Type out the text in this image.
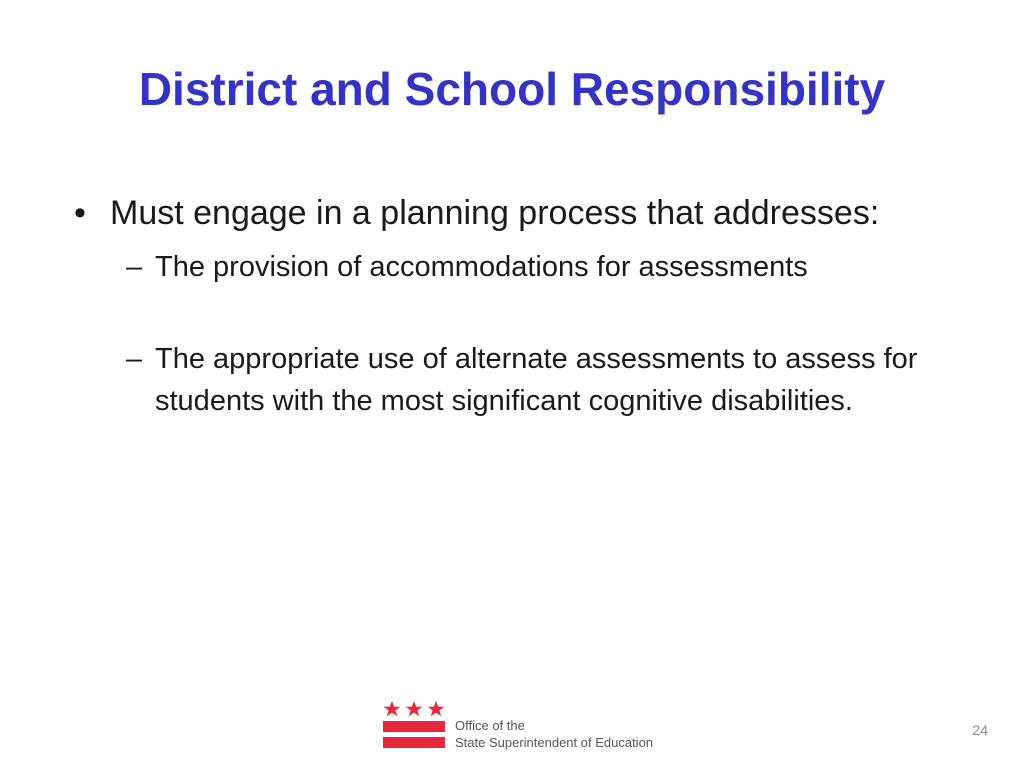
District and School Responsibility

• Must engage in a planning process that addresses:

– The provision of accommodations for assessments
– The appropriate use of alternate assessments to assess for students with the most significant cognitive disabilities.
Office of the
State Superintendent of Education
24
